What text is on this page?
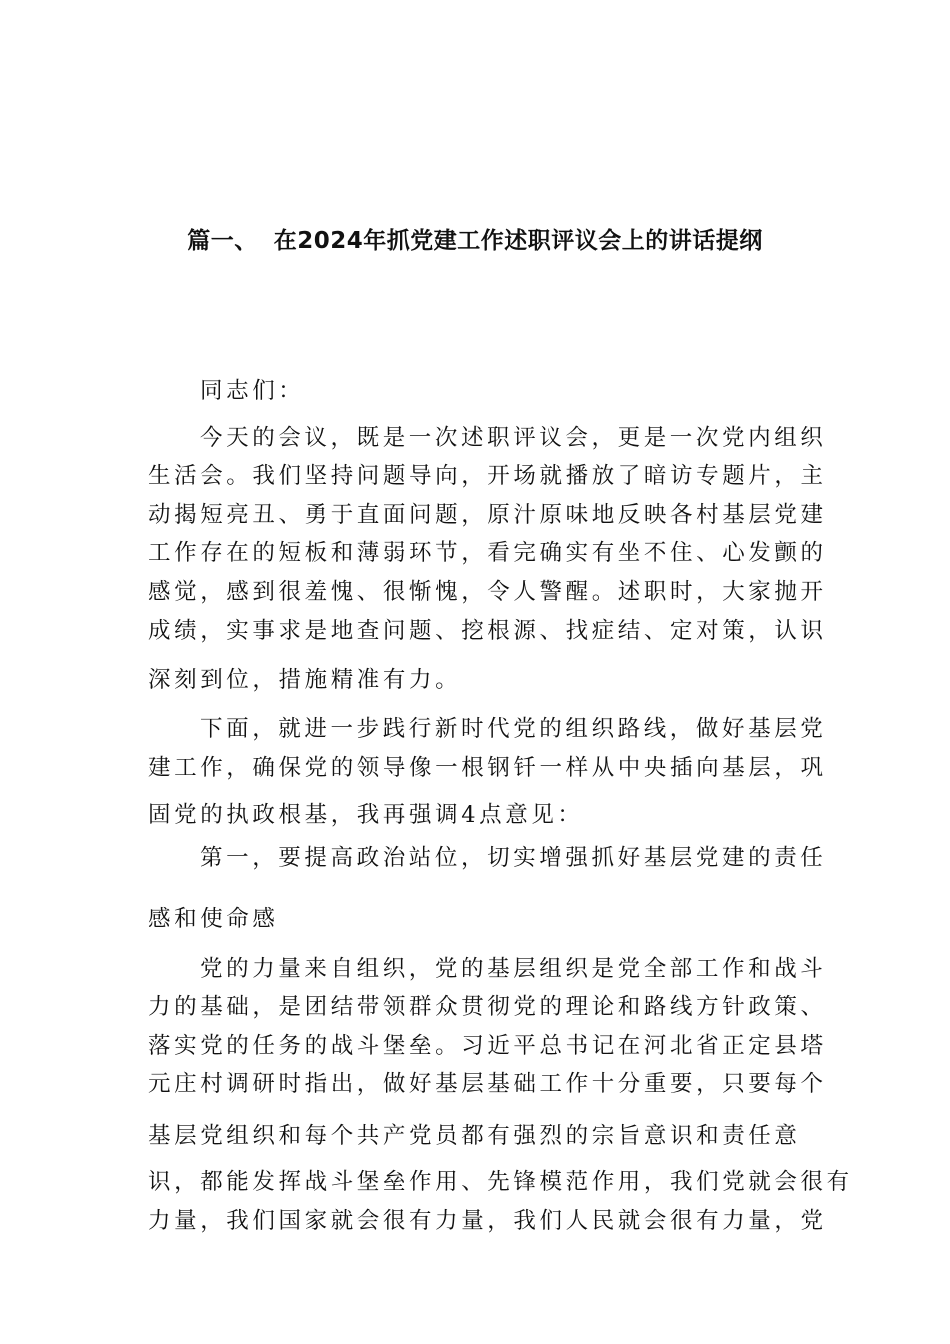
篇一、 在2024年抓党建工作述职评议会上的讲话提纲
同志们：
今天的会议，既是一次述职评议会，更是一次党内组织
生活会。我们坚持问题导向，开场就播放了暗访专题片，主
动揭短亮丑、勇于直面问题，原汁原味地反映各村基层党建
工作存在的短板和薄弱环节，看完确实有坐不住、心发颤的
感觉，感到很羞愧、很惭愧，令人警醒。述职时，大家抛开
成绩，实事求是地查问题、挖根源、找症结、定对策，认识
深刻到位，措施精准有力。
下面，就进一步践行新时代党的组织路线，做好基层党
建工作，确保党的领导像一根钢钎一样从中央插向基层，巩
固党的执政根基，我再强调4点意见：
第一，要提高政治站位，切实增强抓好基层党建的责任
感和使命感
党的力量来自组织，党的基层组织是党全部工作和战斗
力的基础，是团结带领群众贯彻党的理论和路线方针政策、
落实党的任务的战斗堡垒。习近平总书记在河北省正定县塔
元庄村调研时指出，做好基层基础工作十分重要，只要每个
基层党组织和每个共产党员都有强烈的宗旨意识和责任意
识，都能发挥战斗堡垒作用、先锋模范作用，我们党就会很有
力量，我们国家就会很有力量，我们人民就会很有力量，党
